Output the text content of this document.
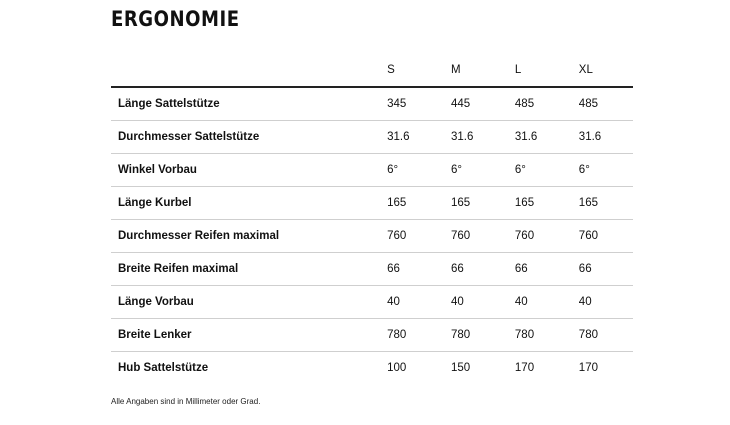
ERGONOMIE
	S	M	L	XL
Länge Sattelstütze	345	445	485	485
Durchmesser Sattelstütze	31.6	31.6	31.6	31.6
Winkel Vorbau	6°	6°	6°	6°
Länge Kurbel	165	165	165	165
Durchmesser Reifen maximal	760	760	760	760
Breite Reifen maximal	66	66	66	66
Länge Vorbau	40	40	40	40
Breite Lenker	780	780	780	780
Hub Sattelstütze	100	150	170	170

Alle Angaben sind in Millimeter oder Grad.
